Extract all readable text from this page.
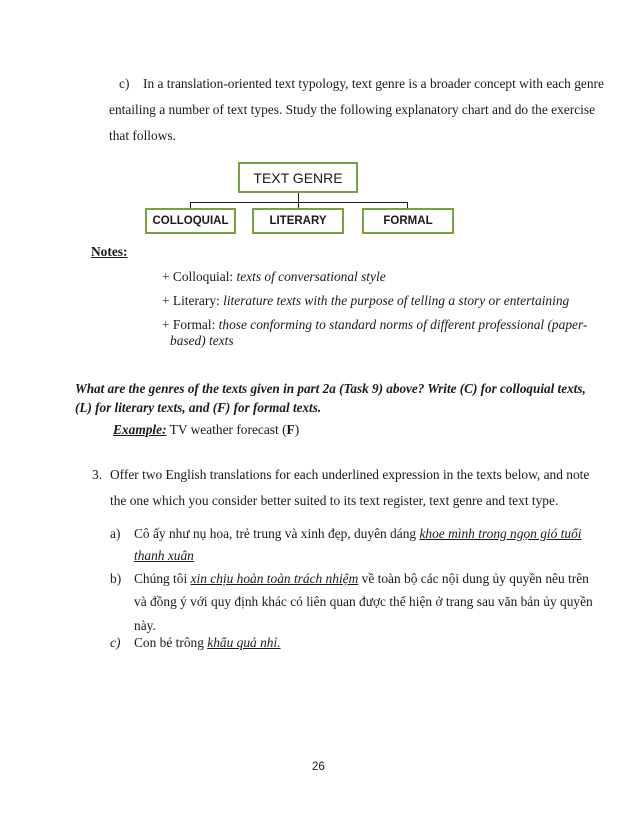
c) In a translation-oriented text typology, text genre is a broader concept with each genre
entailing a number of text types. Study the following explanatory chart and do the exercise
that follows.
TEXT GENRE
COLLOQUIAL	LITERARY	FORMAL
Notes:
+ Colloquial: texts of conversational style
+ Literary: literature texts with the purpose of telling a story or entertaining
+ Formal: those conforming to standard norms of different professional (paper-
based) texts
What are the genres of the texts given in part 2a (Task 9) above? Write (C) for colloquial texts,
(L) for literary texts, and (F) for formal texts.
Example: TV weather forecast (F)
3. Offer two English translations for each underlined expression in the texts below, and note
the one which you consider better suited to its text register, text genre and text type.
a) Cô ấy như nụ hoa, trẻ trung và xinh đẹp, duyên dáng khoe mình trong ngọn gió tuổi
thanh xuân
b) Chúng tôi xin chịu hoàn toàn trách nhiệm về toàn bộ các nội dung ủy quyền nêu trên
và đồng ý với quy định khác có liên quan được thể hiện ở trang sau văn bản ủy quyền
này.
c) Con bé trông khẩu quả nhỉ.
26
